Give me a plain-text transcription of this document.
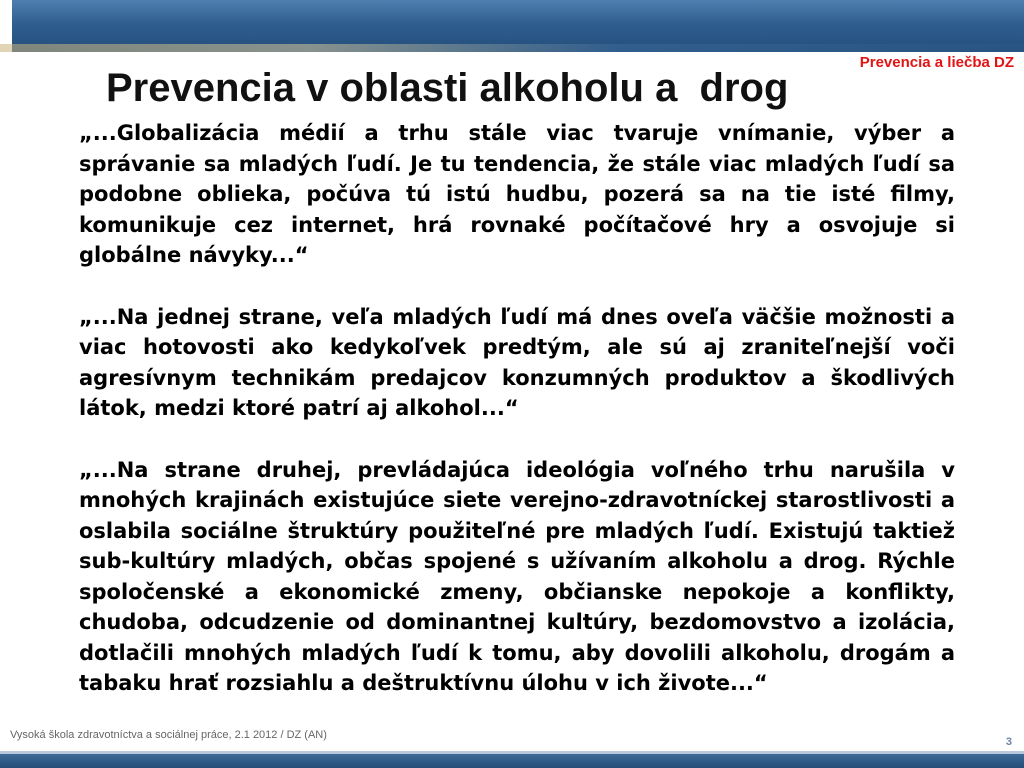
Prevencia a liečba DZ
Prevencia v oblasti alkoholu a  drog

„...Globalizácia médií a trhu stále viac tvaruje vnímanie, výber a správanie sa mladých ľudí. Je tu tendencia, že stále viac mladých ľudí sa podobne oblieka, počúva tú istú hudbu, pozerá sa na tie isté filmy, komunikuje cez internet, hrá rovnaké počítačové hry a osvojuje si globálne návyky...“

„...Na jednej strane, veľa mladých ľudí má dnes oveľa väčšie možnosti a viac hotovosti ako kedykoľvek predtým, ale sú aj zraniteľnejší voči agresívnym technikám predajcov konzumných produktov a škodlivých látok, medzi ktoré patrí aj alkohol...“

„...Na strane druhej, prevládajúca ideológia voľného trhu narušila v mnohých krajinách existujúce siete verejno-zdravotníckej starostlivosti a oslabila sociálne štruktúry použiteľné pre mladých ľudí. Existujú taktiež sub-kultúry mladých, občas spojené s užívaním alkoholu a drog. Rýchle spoločenské a ekonomické zmeny, občianske nepokoje a konflikty, chudoba, odcudzenie od dominantnej kultúry, bezdomovstvo a izolácia, dotlačili mnohých mladých ľudí k tomu, aby dovolili alkoholu, drogám a tabaku hrať rozsiahlu a deštruktívnu úlohu v ich živote...“

Vysoká škola zdravotníctva a sociálnej práce, 2.1 2012 / DZ (AN)
3
